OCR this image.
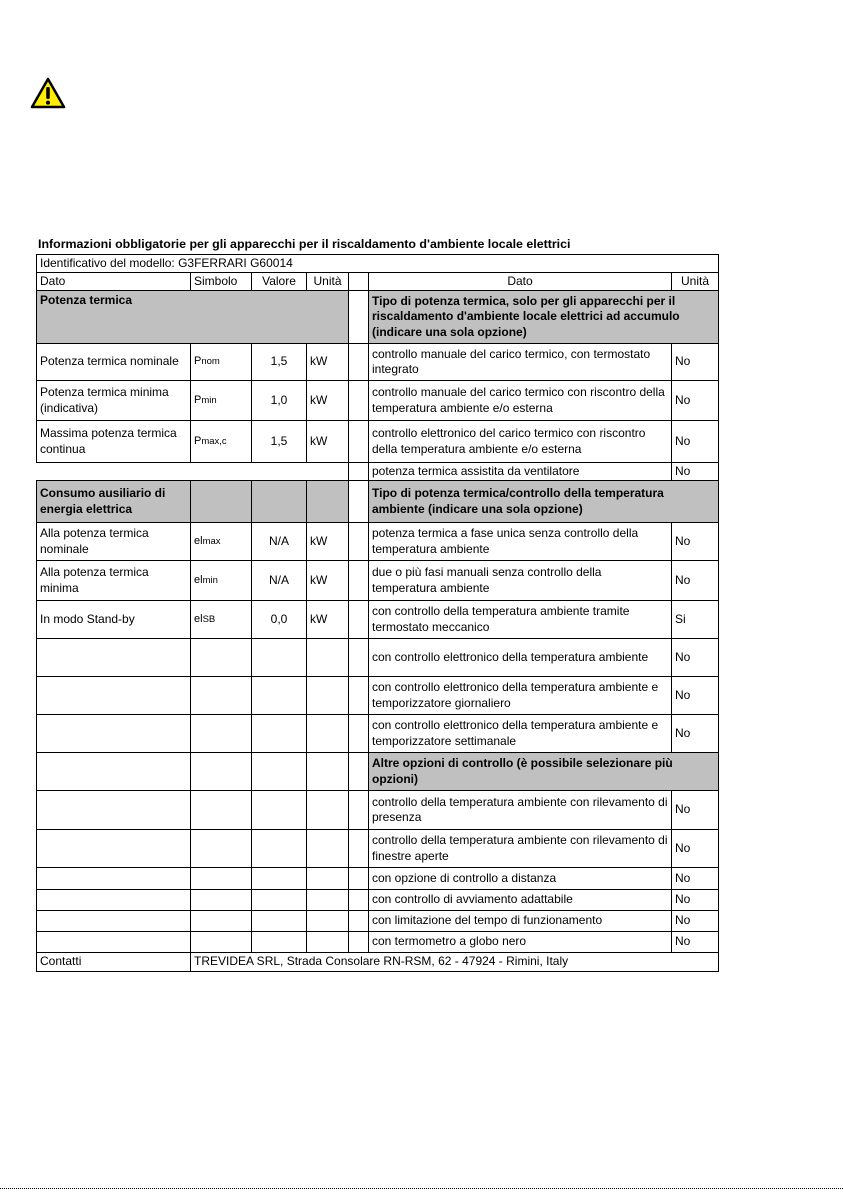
Informazioni obbligatorie per gli apparecchi per il riscaldamento d'ambiente locale elettrici
Identificativo del modello: G3FERRARI G60014						
Dato	Simbolo	Valore	Unità		Dato	Unità
Potenza termica					Tipo di potenza termica, solo per gli apparecchi per il riscaldamento d'ambiente locale elettrici ad accumulo (indicare una sola opzione)	
Potenza termica nominale	Pnom	1,5	kW		controllo manuale del carico termico, con termostato integrato	No
Potenza termica minima (indicativa)	Pmin	1,0	kW		controllo manuale del carico termico con riscontro della temperatura ambiente e/o esterna	No
Massima potenza termica continua	Pmax,c	1,5	kW		controllo elettronico del carico termico con riscontro della temperatura ambiente e/o esterna	No
					potenza termica assistita da ventilatore	No
Consumo ausiliario di energia elettrica					Tipo di potenza termica/controllo della temperatura ambiente (indicare una sola opzione)	
Alla potenza termica nominale	elmax	N/A	kW		potenza termica a fase unica senza controllo della temperatura ambiente	No
Alla potenza termica minima	elmin	N/A	kW		due o più fasi manuali senza controllo della temperatura ambiente	No
In modo Stand-by	elSB	0,0	kW		con controllo della temperatura ambiente tramite termostato meccanico	Si
					con controllo elettronico della temperatura ambiente	No
					con controllo elettronico della temperatura ambiente e temporizzatore giornaliero	No
					con controllo elettronico della temperatura ambiente e temporizzatore settimanale	No
					Altre opzioni di controllo (è possibile selezionare più opzioni)	
					controllo della temperatura ambiente con rilevamento di presenza	No
					controllo della temperatura ambiente con rilevamento di finestre aperte	No
					con opzione di controllo a distanza	No
					con controllo di avviamento adattabile	No
					con limitazione del tempo di funzionamento	No
					con termometro a globo nero	No
Contatti	TREVIDEA SRL, Strada Consolare RN-RSM, 62 - 47924 - Rimini, Italy					
